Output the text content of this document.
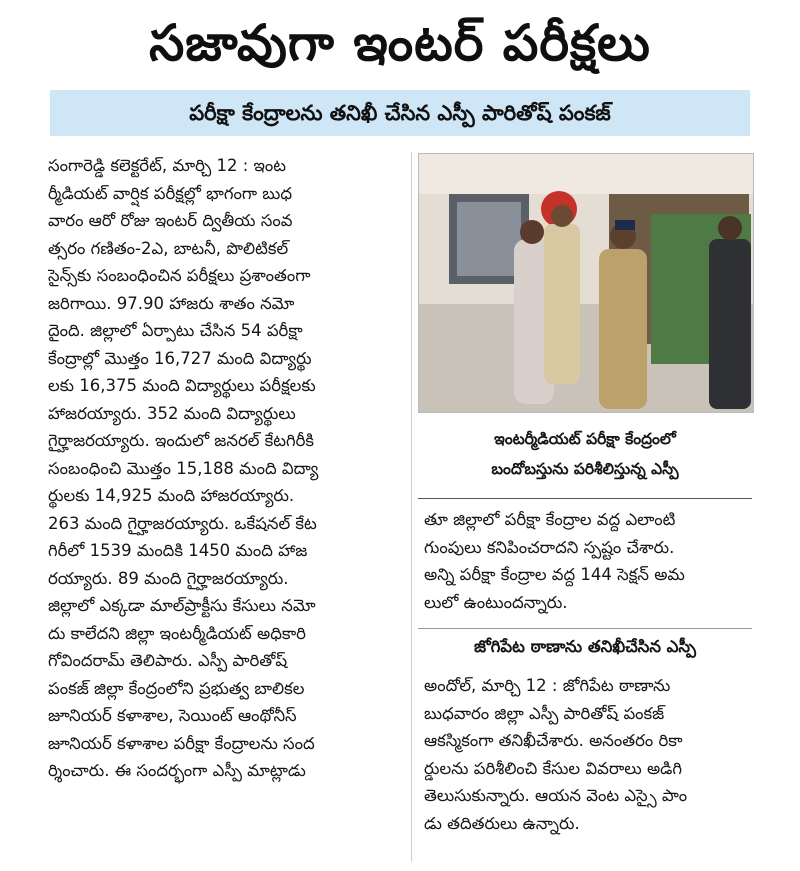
సజావుగా ఇంటర్ పరీక్షలు
పరీక్షా కేంద్రాలను తనిఖీ చేసిన ఎస్పీ పారితోష్ పంకజ్
సంగారెడ్డి కలెక్టరేట్, మార్చి 12 : ఇంట
ర్మీడియట్ వార్షిక పరీక్షల్లో భాగంగా బుధ
వారం ఆరో రోజు ఇంటర్ ద్వితీయ సంవ
త్సరం గణితం-2ఎ, బాటనీ, పొలిటికల్
సైన్స్‌కు సంబంధించిన పరీక్షలు ప్రశాంతంగా
జరిగాయి. 97.90 హాజరు శాతం నమో
దైంది. జిల్లాలో ఏర్పాటు చేసిన 54 పరీక్షా
కేంద్రాల్లో మొత్తం 16,727 మంది విద్యార్థు
లకు 16,375 మంది విద్యార్థులు పరీక్షలకు
హాజరయ్యారు. 352 మంది విద్యార్థులు
గైర్హాజరయ్యారు. ఇందులో జనరల్ కేటగిరీకి
సంబంధించి మొత్తం 15,188 మంది విద్యా
ర్థులకు 14,925 మంది హాజరయ్యారు.
263 మంది గైర్హాజరయ్యారు. ఒకేషనల్ కేట
గిరీలో 1539 మందికి 1450 మంది హాజ
రయ్యారు. 89 మంది గైర్హాజరయ్యారు.
జిల్లాలో ఎక్కడా మాల్‌ప్రాక్టీసు కేసులు నమో
దు కాలేదని జిల్లా ఇంటర్మీడియట్ అధికారి
గోవిందరామ్ తెలిపారు. ఎస్పీ పారితోష్
పంకజ్ జిల్లా కేంద్రంలోని ప్రభుత్వ బాలికల
జూనియర్ కళాశాల, సెయింట్ ఆంథోనీస్
జూనియర్ కళాశాల పరీక్షా కేంద్రాలను సంద
ర్శించారు. ఈ సందర్భంగా ఎస్పీ మాట్లాడు
ఇంటర్మీడియట్ పరీక్షా కేంద్రంలో
బందోబస్తును పరిశీలిస్తున్న ఎస్పీ
తూ జిల్లాలో పరీక్షా కేంద్రాల వద్ద ఎలాంటి
గుంపులు కనిపించరాదని స్పష్టం చేశారు.
అన్ని పరీక్షా కేంద్రాల వద్ద 144 సెక్షన్ అమ
లులో ఉంటుందన్నారు.
జోగిపేట ఠాణాను తనిఖీచేసిన ఎస్పీ
అందోల్, మార్చి 12 : జోగిపేట ఠాణాను
బుధవారం జిల్లా ఎస్పీ పారితోష్ పంకజ్
ఆకస్మికంగా తనిఖీచేశారు. అనంతరం రికా
ర్డులను పరిశీలించి కేసుల వివరాలు అడిగి
తెలుసుకున్నారు. ఆయన వెంట ఎస్సై పాం
డు తదితరులు ఉన్నారు.
